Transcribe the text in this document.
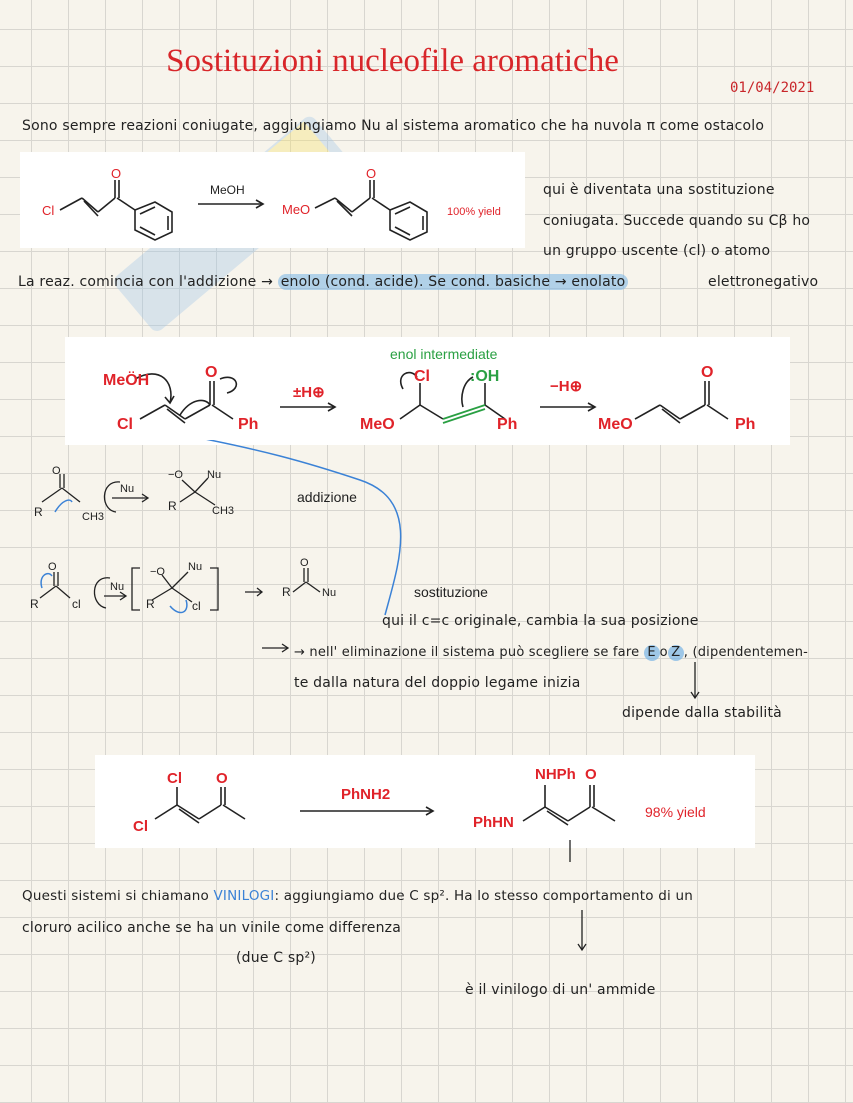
Sostituzioni nucleofile aromatiche
01/04/2021
Sono sempre reazioni coniugate, aggiungiamo Nu al sistema aromatico che ha nuvola π come ostacolo
Cl
O
MeOH
MeO
O
100% yield
qui è diventata una sostituzione
coniugata. Succede quando su Cβ ho
un gruppo uscente (cl) o atomo
La reaz. comincia con l'addizione → enolo (cond. acide). Se cond. basiche → enolato	elettronegativo
enol intermediate
MeÖH
Cl
O
Ph
±H⊕
Cl	:OH
MeO	Ph
−H⊕
MeO
O
Ph
O
R	CH3
Nu
−O Nu
R	CH3
addizione
O
R	cl
Nu
−O Nu
R	cl
R
O
Nu	sostituzione
qui il c=c originale, cambia la sua posizione
→ nell' eliminazione il sistema può scegliere se fare E o Z , (dipendentemen-
te dalla natura del doppio legame inizia
dipende dalla stabilità
Cl
Cl
O
PhNH2
NHPh O
PhHN
98% yield
Questi sistemi si chiamano VINILOGI: aggiungiamo due C sp². Ha lo stesso comportamento di un
cloruro acilico anche se ha un vinile come differenza
(due C sp²)
è il vinilogo di un' ammide
